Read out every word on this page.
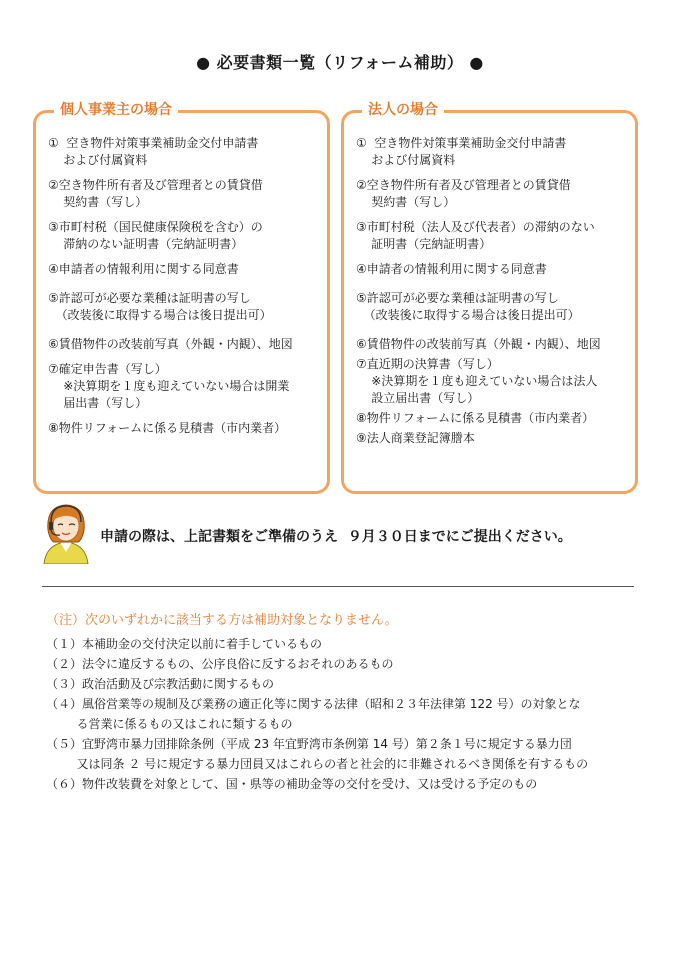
● 必要書類一覧（リフォーム補助） ●
個人事業主の場合
①  空き物件対策事業補助金交付申請書
および付属資料
②空き物件所有者及び管理者との賃貸借
契約書（写し）
③市町村税（国民健康保険税を含む）の
滞納のない証明書（完納証明書）
④申請者の情報利用に関する同意書
⑤許認可が必要な業種は証明書の写し
（改装後に取得する場合は後日提出可）
⑥賃借物件の改装前写真（外観・内観）、地図
⑦確定申告書（写し）
※決算期を１度も迎えていない場合は開業
届出書（写し）
⑧物件リフォームに係る見積書（市内業者）
法人の場合
①  空き物件対策事業補助金交付申請書
および付属資料
②空き物件所有者及び管理者との賃貸借
契約書（写し）
③市町村税（法人及び代表者）の滞納のない
証明書（完納証明書）
④申請者の情報利用に関する同意書
⑤許認可が必要な業種は証明書の写し
（改装後に取得する場合は後日提出可）
⑥賃借物件の改装前写真（外観・内観）、地図
⑦直近期の決算書（写し）
※決算期を１度も迎えていない場合は法人
設立届出書（写し）
⑧物件リフォームに係る見積書（市内業者）
⑨法人商業登記簿謄本
申請の際は、上記書類をご準備のうえ  ９月３０日までにご提出ください。
（注）次のいずれかに該当する方は補助対象となりません。
（１）本補助金の交付決定以前に着手しているもの
（２）法令に違反するもの、公序良俗に反するおそれのあるもの
（３）政治活動及び宗教活動に関するもの
（４）風俗営業等の規制及び業務の適正化等に関する法律（昭和２３年法律第 122 号）の対象とな
る営業に係るもの又はこれに類するもの
（５）宜野湾市暴力団排除条例（平成 23 年宜野湾市条例第 14 号）第２条１号に規定する暴力団
又は同条 ２ 号に規定する暴力団員又はこれらの者と社会的に非難されるべき関係を有するもの
（６）物件改装費を対象として、国・県等の補助金等の交付を受け、又は受ける予定のもの
